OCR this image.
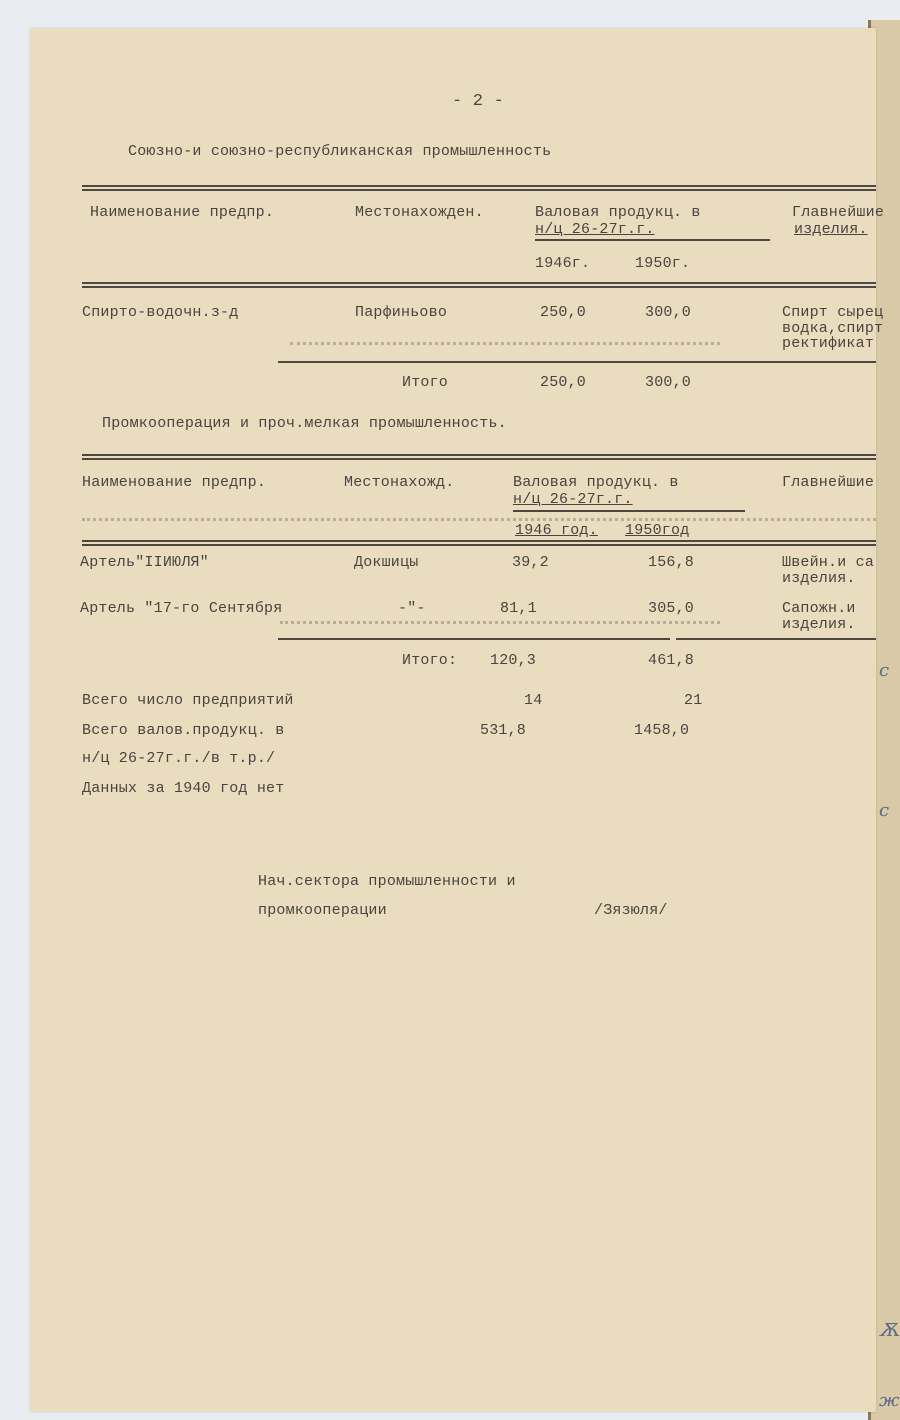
с
с
Ѫ
ж
- 2 -
Союзно-и союзно-республиканская промышленность
Наименование предпр.	Местонахожден.	Валовая продукц. в
н/ц 26-27г.г.
Главнейшие
изделия.
1946г.	1950г.
Спирто-водочн.з-д	Парфиньово	250,0	300,0	Спирт сырец
водка,спирт
ректификат
Итого	250,0	300,0
Промкооперация и проч.мелкая промышленность.
Наименование предпр.	Местонахожд.	Валовая продукц. в
н/ц 26-27г.г.
Главнейшие
1946 год. 1950год
Артель"IIИЮЛЯ"	Докшицы	39,2	156,8	Швейн.и са
изделия.
Артель "17-го Сентября	-"-	81,1	305,0	Сапожн.и
изделия.
Итого: 120,3	461,8
Всего число предприятий	14	21
Всего валов.продукц. в
н/ц 26-27г.г./в т.р./
531,8	1458,0
Данных за 1940 год нет
Нач.сектора промышленности и
промкооперации	/Зязюля/
